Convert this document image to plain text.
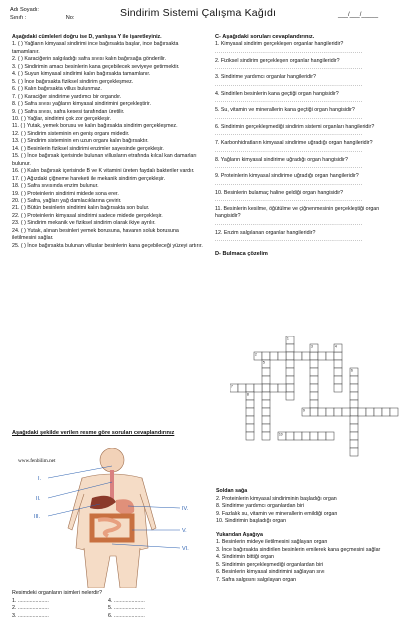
Adı Soyadı:
Sınıfı :	No:	Sindirim Sistemi Çalışma Kağıdı	___/___/_____
Aşağıdaki cümleleri doğru ise D, yanlışsa Y ile işaretleyiniz.
1. ( ) Yağların kimyasal sindirimi ince bağırsakta başlar, ince bağırsakta tamamlanır.
2. ( ) Karaciğerin salgıladığı safra sıvısı kalın bağırsağa gönderilir.
3. ( ) Sindirimin amacı besinlerin kana geçebilecek seviyeye getirmektir.
4. ( ) Suyun kimyasal sindirimi kalın bağırsakta tamamlanır.
5. ( ) İnce bağırsakta fiziksel sindirim gerçekleşmez.
6. ( ) Kalın bağırsakta villus bulunmaz.
7. ( ) Karaciğer sindirime yardımcı bir organdır.
8. ( ) Safra sıvısı yağların kimyasal sindirimini gerçekleştirir.
9. ( ) Safra sıvısı, safra kesesi tarafından üretilir.
10. ( ) Yağlar, sindirimi çok zor gerçekleşir.
11. ( ) Yutak, yemek borusu ve kalın bağırsakta sindirim gerçekleşmez.
12. ( ) Sindirim sisteminin en geniş organı midedir.
13. ( ) Sindirim sisteminin en uzun organı kalın bağırsaktır.
14. ( ) Besinlerin fiziksel sindirimi enzimler sayesinde gerçekleşir.
15. ( ) İnce bağırsak içerisinde bulunan villusların etrafında kılcal kan damarları bulunur.
16. ( ) Kalın bağırsak içerisinde B ve K vitamini üreten faydalı bakteriler vardır.
17. ( ) Ağızdaki çiğneme hareketi ile mekanik sindirim gerçekleşir.
18. ( ) Safra sıvısında enzim bulunur.
19. ( ) Proteinlerin sindirimi midede sona erer.
20. ( ) Safra, yağları yağ damlacıklarına çevirir.
21. ( ) Bütün besinlerin sindirimi kalın bağırsakta son bulur.
22. ( ) Proteinlerin kimyasal sindirimi sadece midede gerçekleşir.
23. ( ) Sindirim mekanik ve fiziksel sindirim olarak ikiye ayrılır.
24. ( ) Yutak, alınan besinleri yemek borusuna, havanın soluk borusuna iletilmesini sağlar.
25. ( ) İnce bağırsakta bulunan villuslar besinlerin kana geçebileceği yüzeyi artırır.
Aşağıdaki şekilde verilen resme göre soruları cevaplandırınız
www.fenbilim.net
I.
II.
III.
IV.
V.
VI.
Resimdeki organların isimleri nelerdir?
1. .....................	4. .....................
2. .....................	5. .....................
3. .....................	6. .....................
C- Aşağıdaki soruları cevaplandırınız.
1. Kimyasal sindirim gerçekleşen organlar hangileridir?
...........................................................................
2. Fiziksel sindirim gerçekleşen organlar hangileridir?
...........................................................................
3. Sindirime yardımcı organlar hangileridir?
...........................................................................
4. Sindirilen besinlerin kana geçtiği organ hangisidir?
...........................................................................
5. Su, vitamin ve minerallerin kana geçtiği organ hangisidir?
...........................................................................
6. Sindirimin gerçekleşmediği sindirim sistemi organları hangileridir?
...........................................................................
7. Karbonhidratların kimyasal sindirime uğradığı organ hangileridir?
...........................................................................
8. Yağların kimyasal sindirime uğradığı organ hangisidir?
...........................................................................
9. Proteinlerin kimyasal sindirime uğradığı organ hangileridir?
...........................................................................
10. Besinlerin bulamaç haline geldiği organ hangisidir?
...........................................................................
11. Besinlerin kesilme, öğütülme ve çiğnenmesinin gerçekleştiği organ hangisidir?
...........................................................................
12. Enzim salgılanan organlar hangileridir?
...........................................................................
D- Bulmaca çözelim
1
2
3	4
5
6
7
8
9
10
Soldan sağa
2. Proteinlerin kimyasal sindiriminin başladığı organ
8. Sindirime yardımcı organlardan biri
9. Fazlalık su, vitamin ve minerallerin emildiği organ
10. Sindirimin başladığı organ
Yukarıdan Aşağıya
1. Besinlerin mideye iletilmesini sağlayan organ
3. İnce bağırsakta sindirilen besinlerin emilerek kana geçmesini sağlar
4. Sindirimin bittiği organ
5. Sindirimin gerçekleşmediği organlardan biri
6. Besinlerin kimyasal sindirimini sağlayan sıvı
7. Safra salgısını salgılayan organ
